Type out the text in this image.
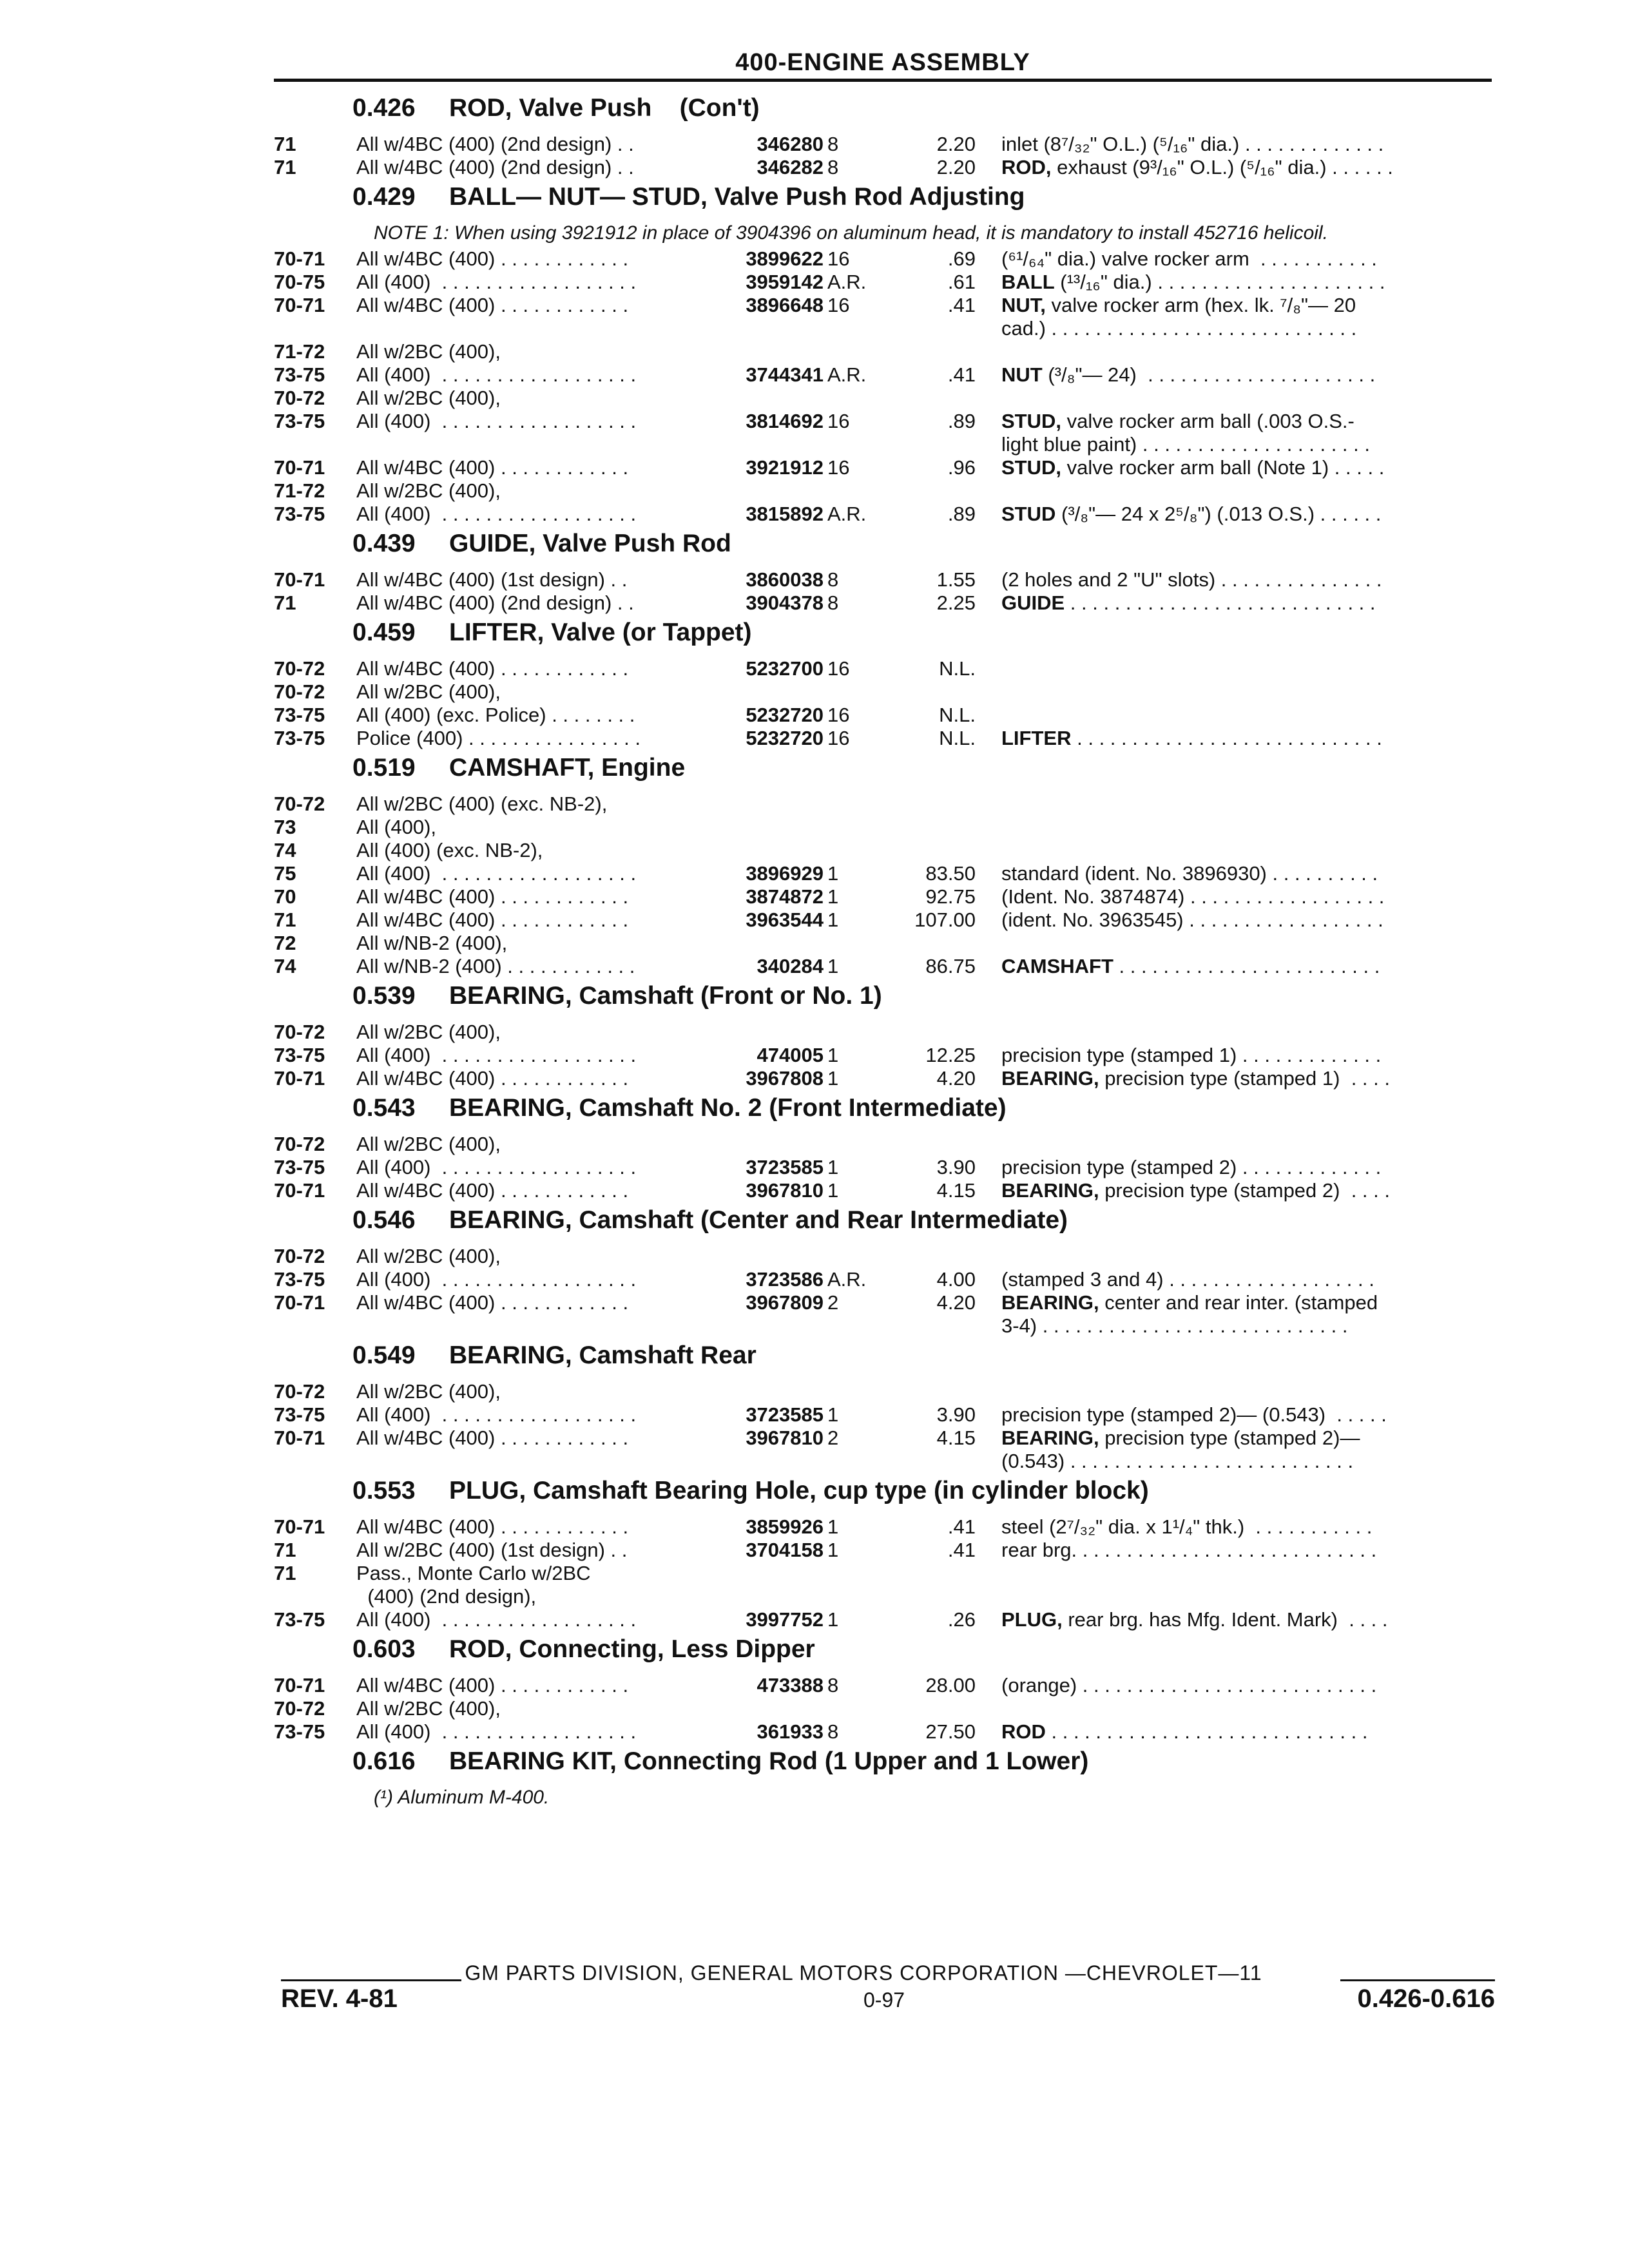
400-ENGINE ASSEMBLY
0.426	ROD, Valve Push    (Con't)
71	All w/4BC (400) (2nd design) . .	346280 8	2.20	inlet (8⁷/₃₂" O.L.) (⁵/₁₆" dia.) . . . . . . . . . . . . .
71	All w/4BC (400) (2nd design) . .	346282 8	2.20	ROD, exhaust (9³/₁₆" O.L.) (⁵/₁₆" dia.) . . . . . .
0.429	BALL— NUT— STUD, Valve Push Rod Adjusting
NOTE 1: When using 3921912 in place of 3904396 on aluminum head, it is mandatory to install 452716 helicoil.
70-71	All w/4BC (400) . . . . . . . . . . . .	3899622 16	.69	(⁶¹/₆₄" dia.) valve rocker arm  . . . . . . . . . . .
70-75	All (400)  . . . . . . . . . . . . . . . . . .	3959142 A.R.	.61	BALL (¹³/₁₆" dia.) . . . . . . . . . . . . . . . . . . . . .
70-71	All w/4BC (400) . . . . . . . . . . . .	3896648 16	.41	NUT, valve rocker arm (hex. lk. ⁷/₈"— 20
cad.) . . . . . . . . . . . . . . . . . . . . . . . . . . . .
71-72	All w/2BC (400),
73-75	All (400)  . . . . . . . . . . . . . . . . . .	3744341 A.R.	.41	NUT (³/₈"— 24)  . . . . . . . . . . . . . . . . . . . . .
70-72	All w/2BC (400),
73-75	All (400)  . . . . . . . . . . . . . . . . . .	3814692 16	.89	STUD, valve rocker arm ball (.003 O.S.-
light blue paint) . . . . . . . . . . . . . . . . . . . . .
70-71	All w/4BC (400) . . . . . . . . . . . .	3921912 16	.96	STUD, valve rocker arm ball (Note 1) . . . . .
71-72	All w/2BC (400),
73-75	All (400)  . . . . . . . . . . . . . . . . . .	3815892 A.R.	.89	STUD (³/₈"— 24 x 2⁵/₈") (.013 O.S.) . . . . . .
0.439	GUIDE, Valve Push Rod
70-71	All w/4BC (400) (1st design) . .	3860038 8	1.55	(2 holes and 2 "U" slots) . . . . . . . . . . . . . . .
71	All w/4BC (400) (2nd design) . .	3904378 8	2.25	GUIDE . . . . . . . . . . . . . . . . . . . . . . . . . . . .
0.459	LIFTER, Valve (or Tappet)
70-72	All w/4BC (400) . . . . . . . . . . . .	5232700 16	N.L.
70-72	All w/2BC (400),
73-75	All (400) (exc. Police) . . . . . . . .	5232720 16	N.L.
73-75	Police (400) . . . . . . . . . . . . . . . .	5232720 16	N.L.	LIFTER . . . . . . . . . . . . . . . . . . . . . . . . . . . .
0.519	CAMSHAFT, Engine
70-72	All w/2BC (400) (exc. NB-2),
73	All (400),
74	All (400) (exc. NB-2),
75	All (400)  . . . . . . . . . . . . . . . . . .	3896929 1	83.50	standard (ident. No. 3896930) . . . . . . . . . .
70	All w/4BC (400) . . . . . . . . . . . .	3874872 1	92.75	(Ident. No. 3874874) . . . . . . . . . . . . . . . . . .
71	All w/4BC (400) . . . . . . . . . . . .	3963544 1	107.00	(ident. No. 3963545) . . . . . . . . . . . . . . . . . .
72	All w/NB-2 (400),
74	All w/NB-2 (400) . . . . . . . . . . . .	340284 1	86.75	CAMSHAFT . . . . . . . . . . . . . . . . . . . . . . . .
0.539	BEARING, Camshaft (Front or No. 1)
70-72	All w/2BC (400),
73-75	All (400)  . . . . . . . . . . . . . . . . . .	474005 1	12.25	precision type (stamped 1) . . . . . . . . . . . . .
70-71	All w/4BC (400) . . . . . . . . . . . .	3967808 1	4.20	BEARING, precision type (stamped 1)  . . . .
0.543	BEARING, Camshaft No. 2 (Front Intermediate)
70-72	All w/2BC (400),
73-75	All (400)  . . . . . . . . . . . . . . . . . .	3723585 1	3.90	precision type (stamped 2) . . . . . . . . . . . . .
70-71	All w/4BC (400) . . . . . . . . . . . .	3967810 1	4.15	BEARING, precision type (stamped 2)  . . . .
0.546	BEARING, Camshaft (Center and Rear Intermediate)
70-72	All w/2BC (400),
73-75	All (400)  . . . . . . . . . . . . . . . . . .	3723586 A.R.	4.00	(stamped 3 and 4) . . . . . . . . . . . . . . . . . . .
70-71	All w/4BC (400) . . . . . . . . . . . .	3967809 2	4.20	BEARING, center and rear inter. (stamped
3-4) . . . . . . . . . . . . . . . . . . . . . . . . . . . .
0.549	BEARING, Camshaft Rear
70-72	All w/2BC (400),
73-75	All (400)  . . . . . . . . . . . . . . . . . .	3723585 1	3.90	precision type (stamped 2)— (0.543)  . . . . .
70-71	All w/4BC (400) . . . . . . . . . . . .	3967810 2	4.15	BEARING, precision type (stamped 2)—
(0.543) . . . . . . . . . . . . . . . . . . . . . . . . . .
0.553	PLUG, Camshaft Bearing Hole, cup type (in cylinder block)
70-71	All w/4BC (400) . . . . . . . . . . . .	3859926 1	.41	steel (2⁷/₃₂" dia. x 1¹/₄" thk.)  . . . . . . . . . . .
71	All w/2BC (400) (1st design) . .	3704158 1	.41	rear brg. . . . . . . . . . . . . . . . . . . . . . . . . . . .
71	Pass., Monte Carlo w/2BC
(400) (2nd design),
73-75	All (400)  . . . . . . . . . . . . . . . . . .	3997752 1	.26	PLUG, rear brg. has Mfg. Ident. Mark)  . . . .
0.603	ROD, Connecting, Less Dipper
70-71	All w/4BC (400) . . . . . . . . . . . .	473388 8	28.00	(orange) . . . . . . . . . . . . . . . . . . . . . . . . . . .
70-72	All w/2BC (400),
73-75	All (400)  . . . . . . . . . . . . . . . . . .	361933 8	27.50	ROD . . . . . . . . . . . . . . . . . . . . . . . . . . . . .
0.616	BEARING KIT, Connecting Rod (1 Upper and 1 Lower)
(¹) Aluminum M-400.
GM PARTS DIVISION, GENERAL MOTORS CORPORATION —CHEVROLET—11
REV. 4-81	0-97	0.426-0.616
